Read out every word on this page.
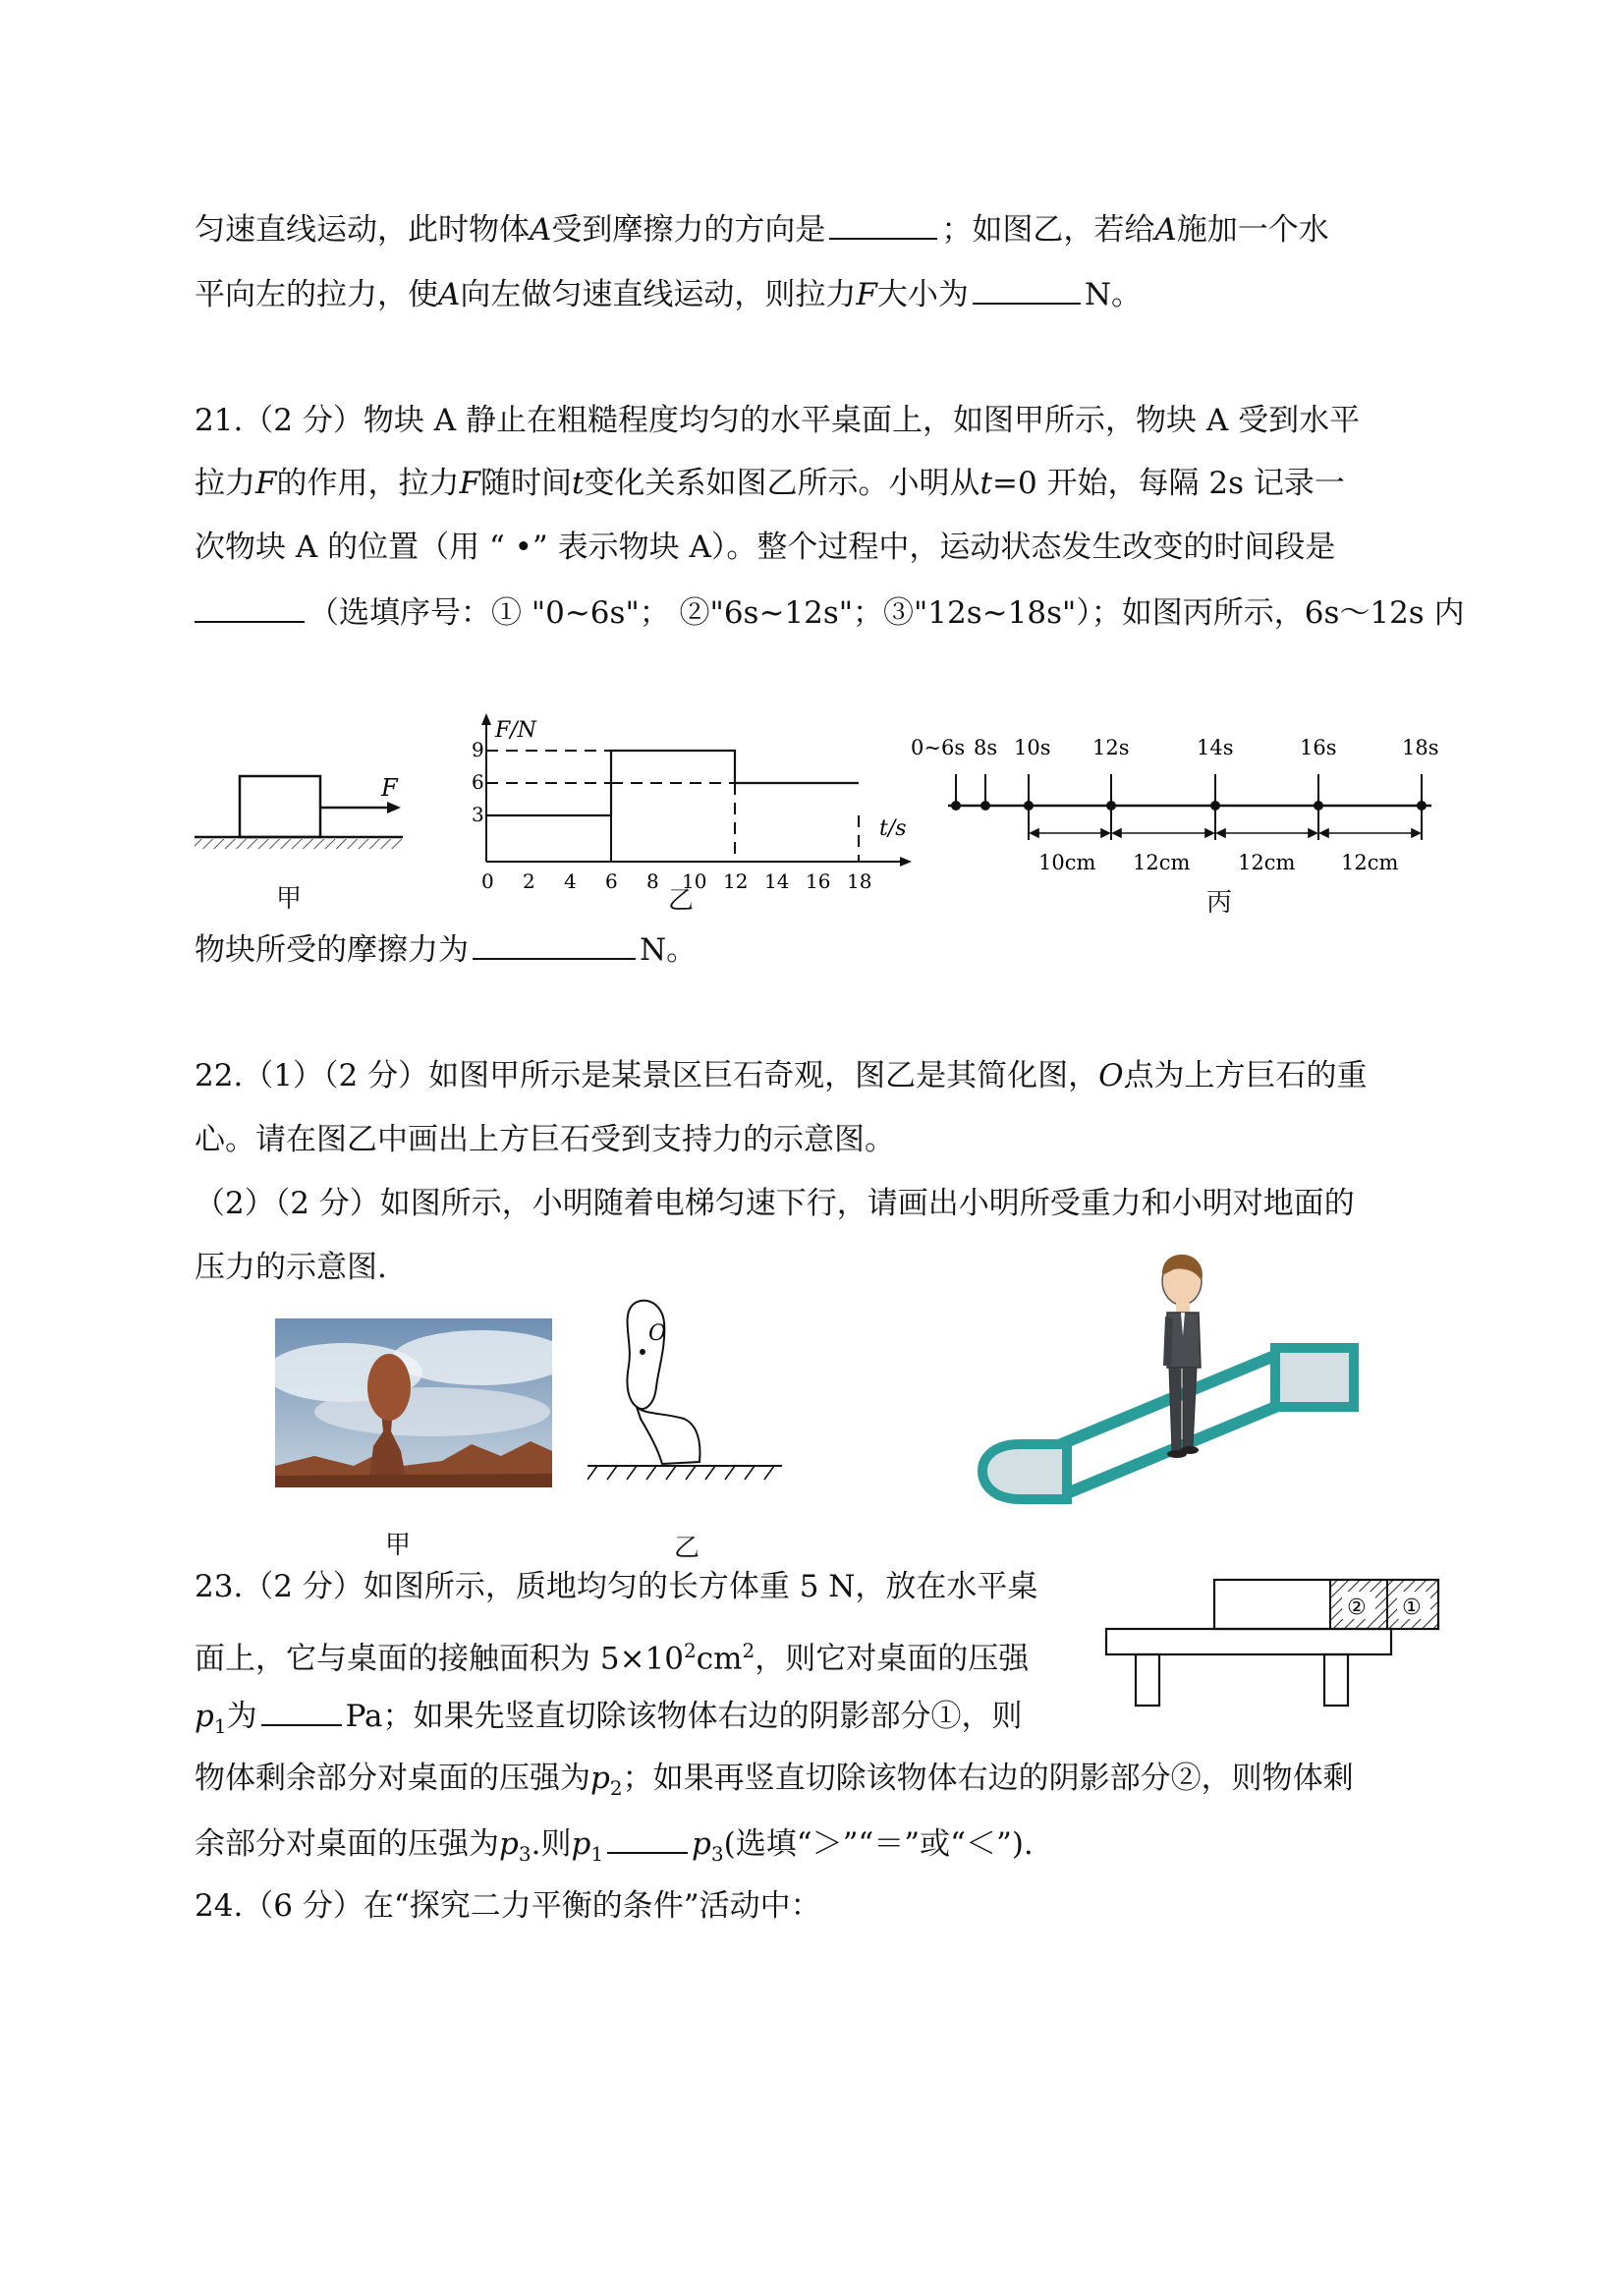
匀速直线运动，此时物体A受到摩擦力的方向是	；如图乙，若给A施加一个水
平向左的拉力，使A向左做匀速直线运动，则拉力F大小为	N。
21.（2 分）物块 A 静止在粗糙程度均匀的水平桌面上，如图甲所示，物块 A 受到水平
拉力F的作用，拉力F随时间t变化关系如图乙所示。小明从t=0 开始，每隔 2s 记录一
次物块 A 的位置（用 “ •” 表示物块 A）。整个过程中，运动状态发生改变的时间段是
（选填序号：① "0~6s"； ②"6s~12s"；③"12s~18s"）；如图丙所示，6s～12s 内
F
甲
F/N
t/s
9
6
3
0 2 4 6 8 10 12 14 16 18
乙
0~6s 8s 10s 12s	14s	16s	18s
10cm 12cm 12cm 12cm
丙
物块所受的摩擦力为	N。
22.（1）（2 分）如图甲所示是某景区巨石奇观，图乙是其简化图，O点为上方巨石的重
心。请在图乙中画出上方巨石受到支持力的示意图。
（2）（2 分）如图所示，小明随着电梯匀速下行，请画出小明所受重力和小明对地面的
压力的示意图.
甲
O
乙
23.（2 分）如图所示，质地均匀的长方体重 5 N，放在水平桌
面上，它与桌面的接触面积为 $5\times 10^2cm^2$，则它对桌面的压强
$p_1$为	Pa；如果先竖直切除该物体右边的阴影部分①，则
物体剩余部分对桌面的压强为$p_2$；如果再竖直切除该物体右边的阴影部分②，则物体剩
余部分对桌面的压强为$p_3$.则$p_1$	$p_3$(选填“＞”“＝”或“＜”).
② ①
24.（6 分）在“探究二力平衡的条件”活动中：
